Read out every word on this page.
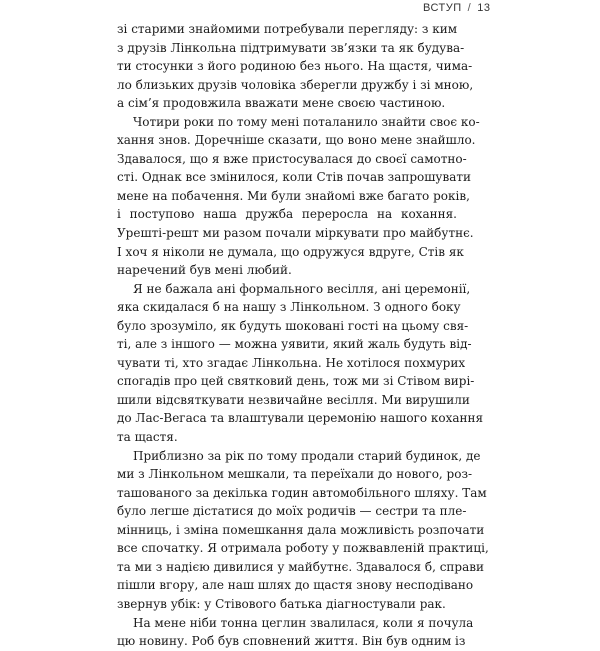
ВСТУП / 13
зі старими знайомими потребували перегляду: з ким
з друзів Лінкольна підтримувати зв’язки та як будува-
ти стосунки з його родиною без нього. На щастя, чима-
ло близьких друзів чоловіка зберегли дружбу і зі мною,
а сім’я продовжила вважати мене своєю частиною.
Чотири роки по тому мені поталанило знайти своє ко-
хання знов. Доречніше сказати, що воно мене знайшло.
Здавалося, що я вже пристосувалася до своєї самотно-
сті. Однак все змінилося, коли Стів почав запрошувати
мене на побачення. Ми були знайомі вже багато років,
і поступово наша дружба переросла на кохання.
Урешті-решт ми разом почали міркувати про майбутнє.
І хоч я ніколи не думала, що одружуся вдруге, Стів як
наречений був мені любий.
Я не бажала ані формального весілля, ані церемонії,
яка скидалася б на нашу з Лінкольном. З одного боку
було зрозуміло, як будуть шоковані гості на цьому свя-
ті, але з іншого — можна уявити, який жаль будуть від-
чувати ті, хто згадає Лінкольна. Не хотілося похмурих
спогадів про цей святковий день, тож ми зі Стівом вирі-
шили відсвяткувати незвичайне весілля. Ми вирушили
до Лас-Вегаса та влаштували церемонію нашого кохання
та щастя.
Приблизно за рік по тому продали старий будинок, де
ми з Лінкольном мешкали, та переїхали до нового, роз-
ташованого за декілька годин автомобільного шляху. Там
було легше дістатися до моїх родичів — сестри та пле-
мінниць, і зміна помешкання дала можливість розпочати
все спочатку. Я отримала роботу у пожвавленій практиці,
та ми з надією дивилися у майбутнє. Здавалося б, справи
пішли вгору, але наш шлях до щастя знову несподівано
звернув убік: у Стівового батька діагностували рак.
На мене ніби тонна цеглин звалилася, коли я почула
цю новину. Роб був сповнений життя. Він був одним із
